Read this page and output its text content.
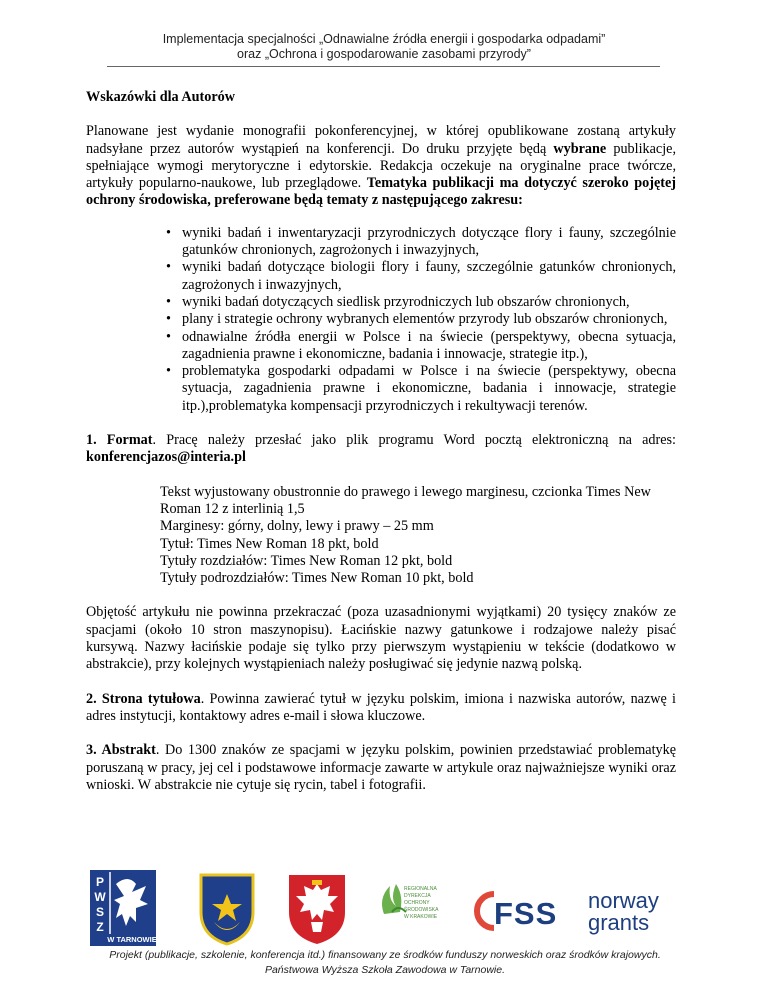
Implementacja specjalności „Odnawialne źródła energii i gospodarka odpadami”
oraz „Ochrona i gospodarowanie zasobami przyrody”
Wskazówki dla Autorów

Planowane jest wydanie monografii pokonferencyjnej, w której opublikowane zostaną artykuły nadsyłane przez autorów wystąpień na konferencji. Do druku przyjęte będą wybrane publikacje, spełniające wymogi merytoryczne i edytorskie. Redakcja oczekuje na oryginalne prace twórcze, artykuły popularno-naukowe, lub przeglądowe. Tematyka publikacji ma dotyczyć szeroko pojętej ochrony środowiska, preferowane będą tematy z następującego zakresu:

• wyniki badań i inwentaryzacji przyrodniczych dotyczące flory i fauny, szczególnie gatunków chronionych, zagrożonych i inwazyjnych,
• wyniki badań dotyczące biologii flory i fauny, szczególnie gatunków chronionych, zagrożonych i inwazyjnych,
• wyniki badań dotyczących siedlisk przyrodniczych lub obszarów chronionych,
• plany i strategie ochrony wybranych elementów przyrody lub obszarów chronionych,
• odnawialne źródła energii w Polsce i na świecie (perspektywy, obecna sytuacja, zagadnienia prawne i ekonomiczne, badania i innowacje, strategie itp.),
• problematyka gospodarki odpadami w Polsce i na świecie (perspektywy, obecna sytuacja, zagadnienia prawne i ekonomiczne, badania i innowacje, strategie itp.),problematyka kompensacji przyrodniczych i rekultywacji terenów.

1. Format. Pracę należy przesłać jako plik programu Word pocztą elektroniczną na adres: konferencjazos@interia.pl

Tekst wyjustowany obustronnie do prawego i lewego marginesu, czcionka Times New Roman 12 z interlinią 1,5
Marginesy: górny, dolny, lewy i prawy – 25 mm
Tytuł: Times New Roman 18 pkt, bold
Tytuły rozdziałów: Times New Roman 12 pkt, bold
Tytuły podrozdziałów: Times New Roman 10 pkt, bold

Objętość artykułu nie powinna przekraczać (poza uzasadnionymi wyjątkami) 20 tysięcy znaków ze spacjami (około 10 stron maszynopisu). Łacińskie nazwy gatunkowe i rodzajowe należy pisać kursywą. Nazwy łacińskie podaje się tylko przy pierwszym wystąpieniu w tekście (dodatkowo w abstrakcie), przy kolejnych wystąpieniach należy posługiwać się jedynie nazwą polską.

2. Strona tytułowa. Powinna zawierać tytuł w języku polskim, imiona i nazwiska autorów, nazwę i adres instytucji, kontaktowy adres e-mail i słowa kluczowe.

3. Abstrakt. Do 1300 znaków ze spacjami w języku polskim, powinien przedstawiać problematykę poruszaną w pracy, jej cel i podstawowe informacje zawarte w artykule oraz najważniejsze wyniki oraz wnioski. W abstrakcie nie cytuje się rycin, tabel i fotografii.

P
W
S
Z
W TARNOWIE
REGIONALNA
DYREKCJA
OCHRONY
ŚRODOWISKA
W KRAKOWIE FSS norway
grants
Projekt (publikacje, szkolenie, konferencja itd.) finansowany ze środków funduszy norweskich oraz środków krajowych.
Państwowa Wyższa Szkoła Zawodowa w Tarnowie.
